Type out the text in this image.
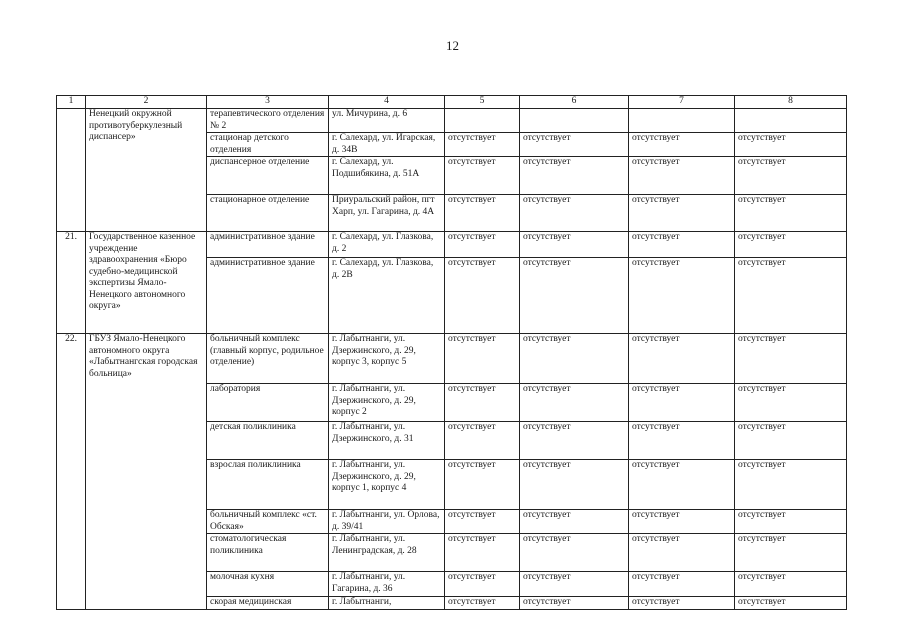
12
1	2	3	4	5	6	7	8
	Ненецкий окружной противотуберкулезный диспансер»	терапевтического отделения № 2	ул. Мичурина, д. 6				
		стационар детского отделения	г. Салехард, ул. Игарская, д. 34В	отсутствует	отсутствует	отсутствует	отсутствует
		диспансерное отделение	г. Салехард, ул. Подшибякина, д. 51А	отсутствует	отсутствует	отсутствует	отсутствует
		стационарное отделение	Приуральский район, пгт Харп, ул. Гагарина, д. 4А	отсутствует	отсутствует	отсутствует	отсутствует
21.	Государственное казенное учреждение здравоохранения «Бюро судебно-медицинской экспертизы Ямало-Ненецкого автономного округа»	административное здание	г. Салехард, ул. Глазкова, д. 2	отсутствует	отсутствует	отсутствует	отсутствует
		административное здание	г. Салехард, ул. Глазкова, д. 2В	отсутствует	отсутствует	отсутствует	отсутствует
22.	ГБУЗ Ямало-Ненецкого автономного округа «Лабытнангская городская больница»	больничный комплекс (главный корпус, родильное отделение)	г. Лабытнанги, ул. Дзержинского, д. 29, корпус 3, корпус 5	отсутствует	отсутствует	отсутствует	отсутствует
		лаборатория	г. Лабытнанги, ул. Дзержинского, д. 29, корпус 2	отсутствует	отсутствует	отсутствует	отсутствует
		детская поликлиника	г. Лабытнанги, ул. Дзержинского, д. 31	отсутствует	отсутствует	отсутствует	отсутствует
		взрослая поликлиника	г. Лабытнанги, ул. Дзержинского, д. 29, корпус 1, корпус 4	отсутствует	отсутствует	отсутствует	отсутствует
		больничный комплекс «ст. Обская»	г. Лабытнанги, ул. Орлова, д. 39/41	отсутствует	отсутствует	отсутствует	отсутствует
		стоматологическая поликлиника	г. Лабытнанги, ул. Ленинградская, д. 28	отсутствует	отсутствует	отсутствует	отсутствует
		молочная кухня	г. Лабытнанги, ул. Гагарина, д. 36	отсутствует	отсутствует	отсутствует	отсутствует
		скорая медицинская	г. Лабытнанги,	отсутствует	отсутствует	отсутствует	отсутствует
